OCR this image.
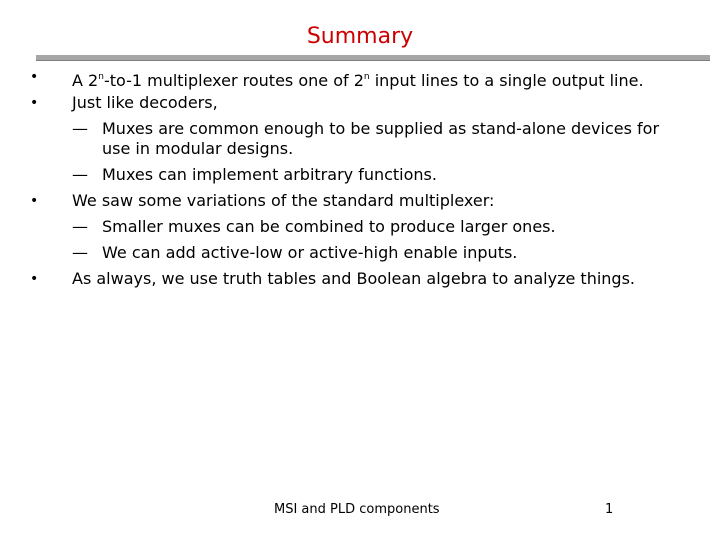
Summary
• A 2$^n$-to-1 multiplexer routes one of 2$^n$ input lines to a single output line.
• Just like decoders,
— Muxes are common enough to be supplied as stand-alone devices for use in modular designs.
— Muxes can implement arbitrary functions.
• We saw some variations of the standard multiplexer:
— Smaller muxes can be combined to produce larger ones.
— We can add active-low or active-high enable inputs.
• As always, we use truth tables and Boolean algebra to analyze things.
MSI and PLD components	1
